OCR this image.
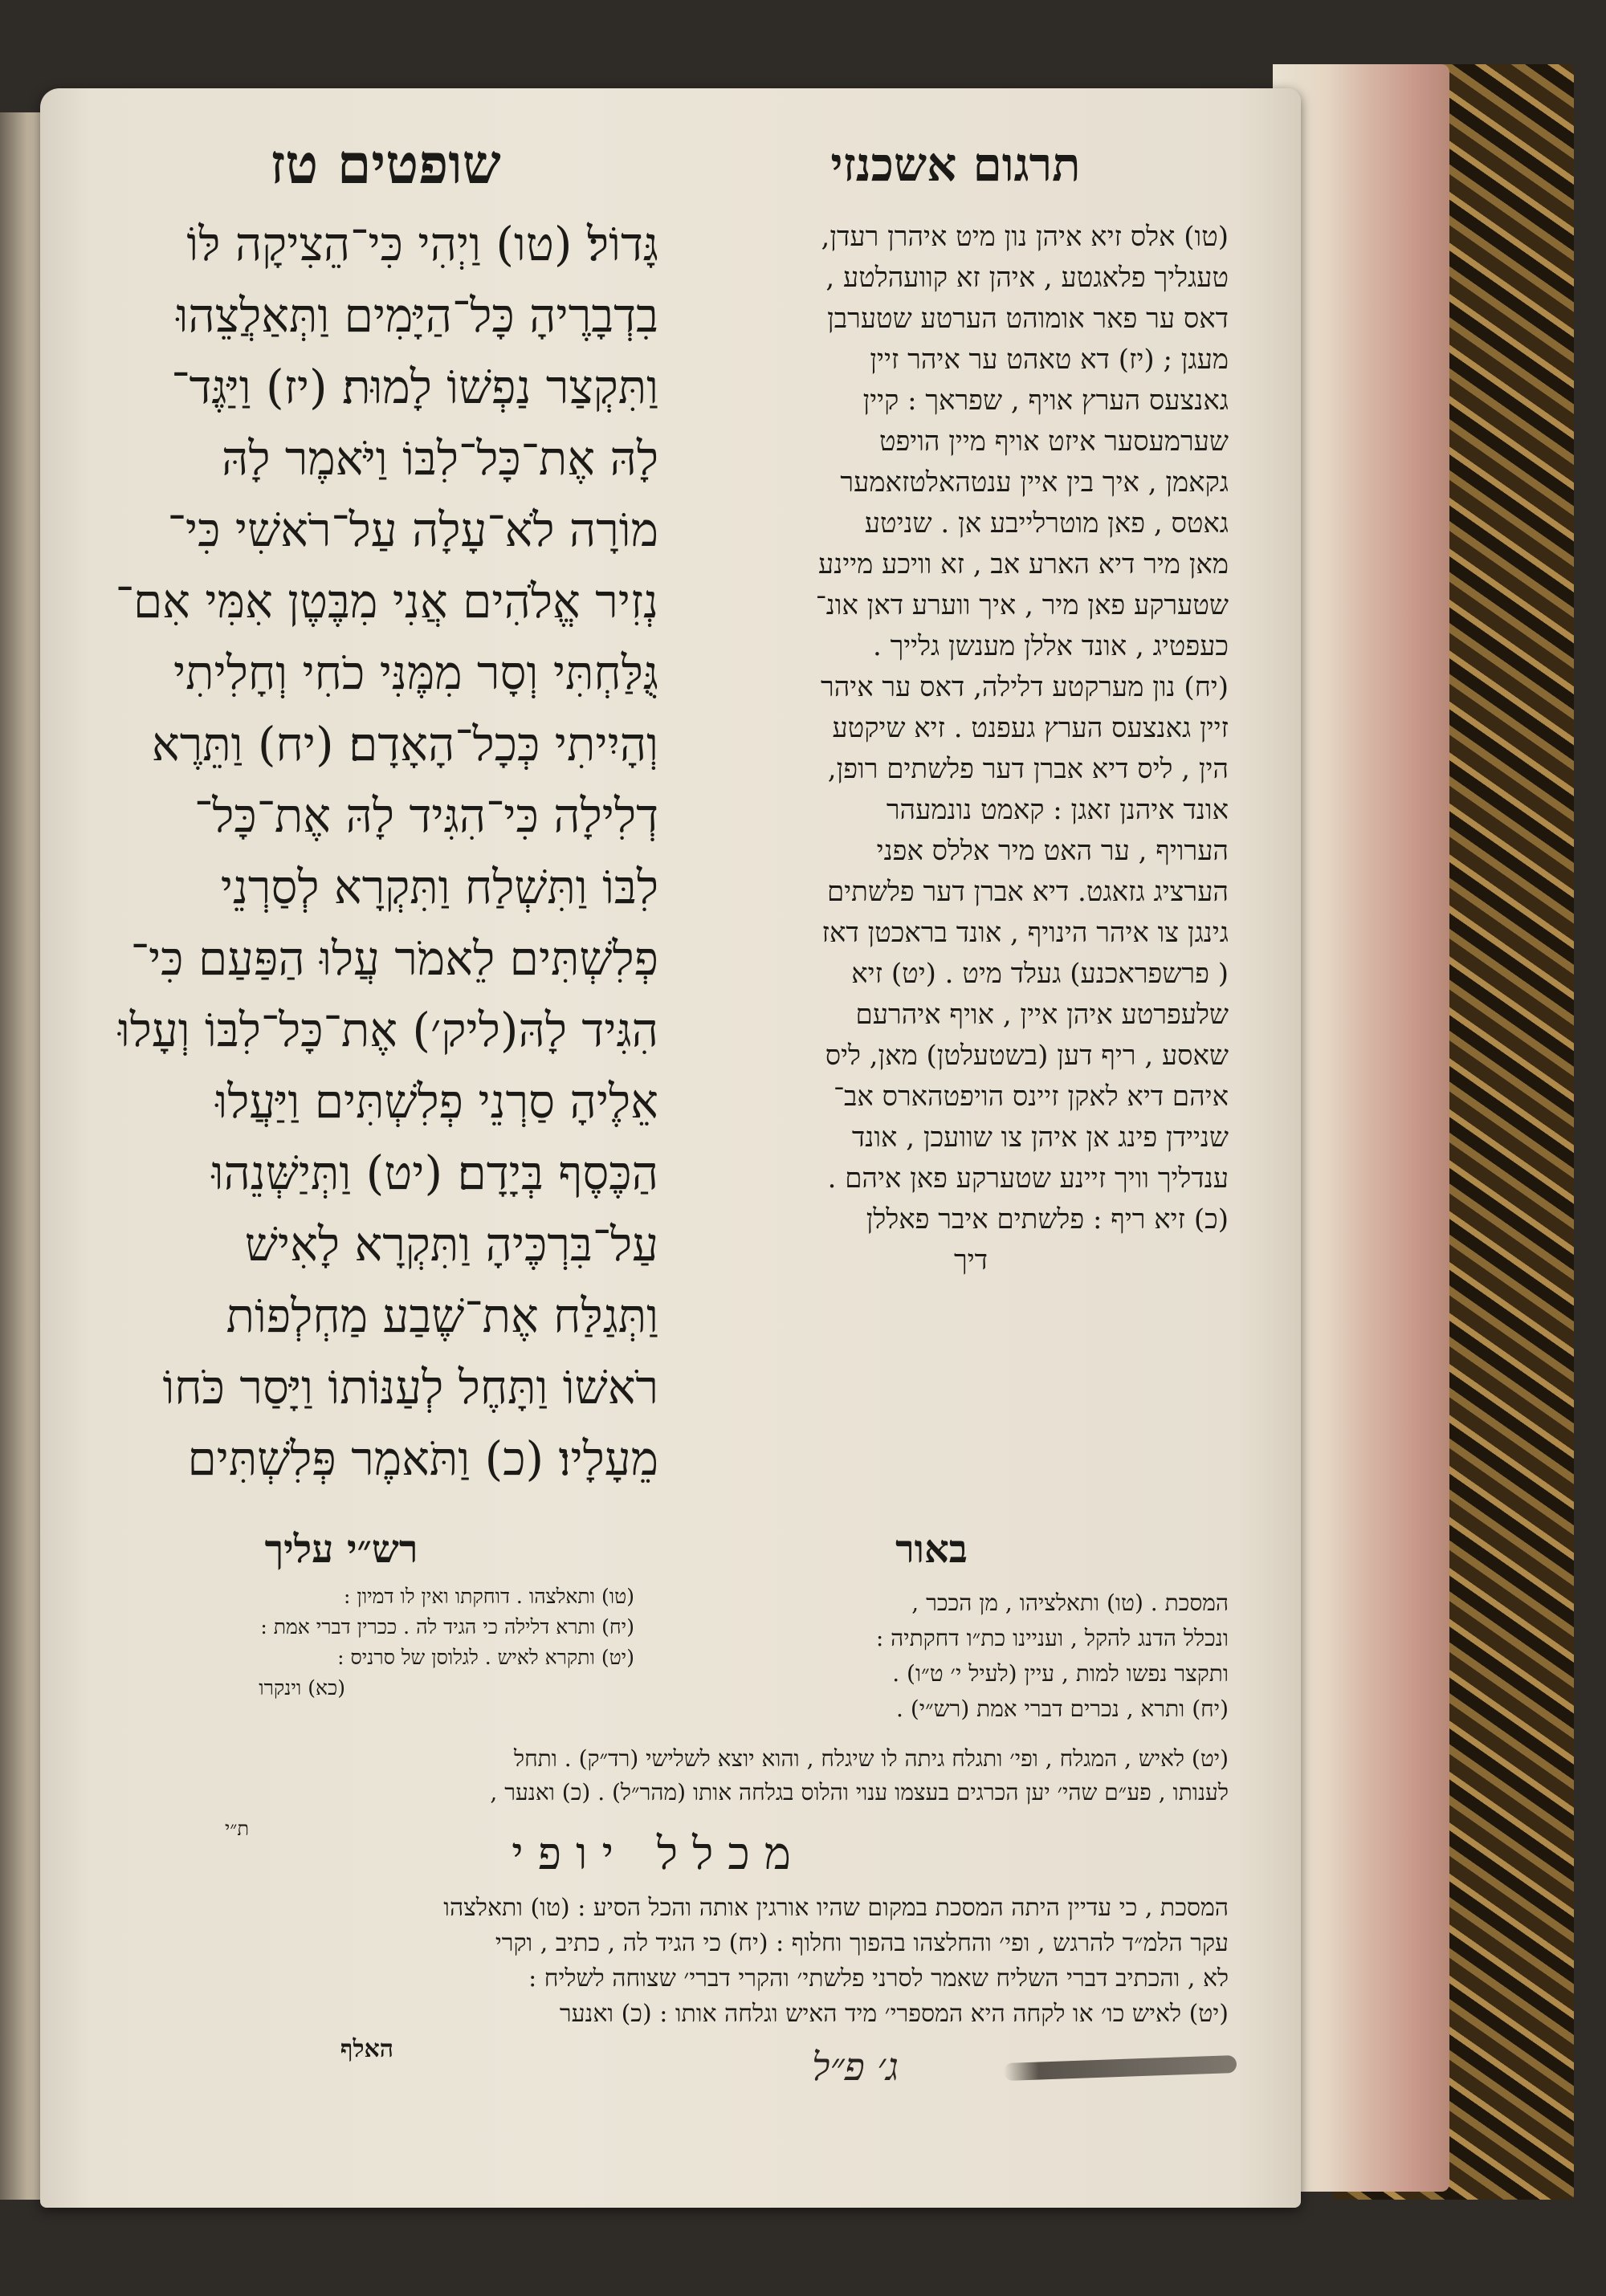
שופטים טז	תרגום אשכנזי
גָּדוֹל׃ (טו) וַיְהִי כִּי־הֵצִיקָה לּוֹ
בִדְבָרֶיהָ כָּל־הַיָּמִים וַתְּאַלֲצֵהוּ
וַתִּקְצַר נַפְשׁוֹ לָמוּת׃ (יז) וַיַּגֶּד־
לָהּ אֶת־כָּל־לִבּוֹ וַיֹּאמֶר לָהּ
מוֹרָה לֹא־עָלָה עַל־רֹאשִׁי כִּי־
נְזִיר אֱלֹהִים אֲנִי מִבֶּטֶן אִמִּי אִם־
גֻּלַּחְתִּי וְסָר מִמֶּנִּי כֹחִי וְחָלִיתִי
וְהָיִיתִי כְּכָל־הָאָדָם׃ (יח) וַתֵּרֶא
דְלִילָה כִּי־הִגִּיד לָהּ אֶת־כָּל־
לִבּוֹ וַתִּשְׁלַח וַתִּקְרָא לְסַרְנֵי
פְלִשְׁתִּים לֵאמֹר עֲלוּ הַפַּעַם כִּי־
הִגִּיד לָהּ(ליק׳) אֶת־כָּל־לִבּוֹ וְעָלוּ
אֵלֶיהָ סַרְנֵי פְלִשְׁתִּים וַיַּעֲלוּ
הַכֶּסֶף בְּיָדָם׃ (יט) וַתְּיַשְּׁנֵהוּ
עַל־בִּרְכֶּיהָ וַתִּקְרָא לָאִישׁ
וַתְּגַלַּח אֶת־שֶׁבַע מַחְלְפוֹת
רֹאשׁוֹ וַתָּחֶל לְעַנּוֹתוֹ וַיָּסַר כֹּחוֹ
מֵעָלָיו׃ (כ) וַתֹּאמֶר פְּלִשְׁתִּים
(טו) אלס זיא איהן נון מיט איהרן רעדן,
טעגליך פלאגטע , איהן זא קוועהלטע ,
דאס ער פאר אומוהט הערטע שטערבן
מעגן ; (יז) דא טאהט ער איהר זיין
גאנצעס הערץ אויף , שפראך : קיין
שערמעסער איזט אויף מיין הויפט
גקאמן , איך בין איין ענטהאלטזאמער
גאטס , פאן מוטרלייבע אן . שניטע
מאן מיר דיא הארע אב , זא וויכע מיינע
שטערקע פאן מיר , איך ווערע דאן אונ־
כעפטיג , אונד אללן מענשן גלייך .
(יח) נון מערקטע דלילה, דאס ער איהר
זיין גאנצעס הערץ געפנט . זיא שיקטע
הין , ליס דיא אברן דער פלשתים רופן,
אונד איהנן זאגן : קאמט נונמעהר
הערויף , ער האט מיר אללס אפני
הערציג גזאגט. דיא אברן דער פלשתים
גינגן צו איהר הינויף , אונד בראכטן דאז
( פרשפראכנע) געלד מיט . (יט) זיא
שלעפרטע איהן איין , אויף איהרעם
שאסע , ריף דען (בשטעלטן) מאן, ליס
איהם דיא לאקן זיינס הויפטהארס אב־
שניידן פינג אן איהן צו שוועכן , אונד
ענדליך וויך זיינע שטערקע פאן איהם .
(כ) זיא ריף : פלשתים איבר פאללן
דיך
רש״י עליך	באור
(טו) ותאלצהו . דוחקתו ואין לו דמיון :
(יח) ותרא דלילה כי הגיד לה . ככרין דברי אמת :
(יט) ותקרא לאיש . לגלוסן של סרניס :
(כא) וינקרו
המסכת . (טו) ותאלציהו , מן הככר ,
ונכלל הדנג להקל , ועניינו כת״ו דחקתיה :
ותקצר נפשו למות , עיין (לעיל י׳ ט״ו) .
(יח) ותרא , נכרים דברי אמת (רש״י) .
(יט) לאיש , המגלח , ופי׳ ותגלח גיתה לו שיגלח , והוא יוצא לשלישי (רד״ק) . ותחל
לענותו , פע״ם שהי׳ יען הכרגים בעצמו ענוי והלוס בגלחה אותו (מהר״ל) . (כ) ואנער ,
ת״י	מכלל יופי
המסכת , כי עדיין היתה המסכת במקום שהיו אורגין אותה והכל הסיע : (טו) ותאלצהו
עקר הלמ״ד להרגש , ופי׳ והחלצהו בהפוך וחלוף : (יח) כי הגיד לה , כתיב , וקרי
לא , והכתיב דברי השליח שאמר לסרני פלשתי׳ והקרי דברי׳ שצוחה לשליח :
(יט) לאיש כו׳ או לקחה היא המספרי׳ מיד האיש וגלחה אותו : (כ) ואנער
האלף	ג׳ פ״ל
